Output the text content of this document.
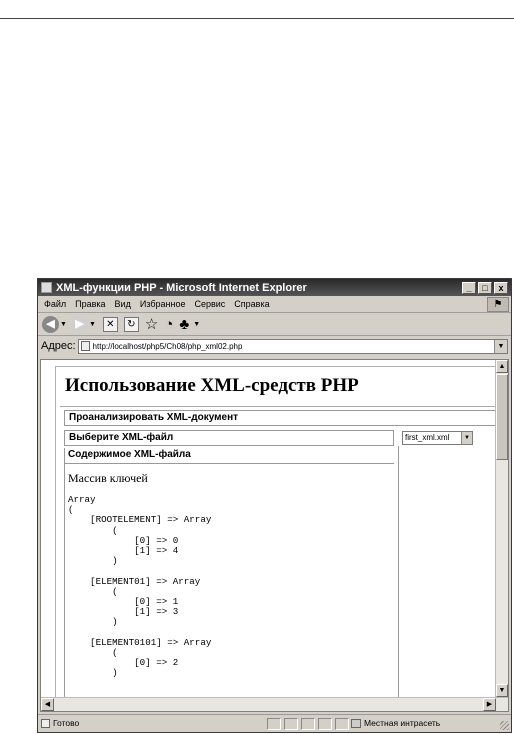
XML-функции PHP - Microsoft Internet Explorer	_	□	x
Файл Правка Вид Избранное Сервис Справка	⚑
◀ ▼ ▶ ▼	✕	↻ ☆ ◔ ♣ ▼
Адрес: http://localhost/php5/Ch08/php_xml02.php	▼
Использование XML-средств PHP
Проанализировать XML-документ
Выберите XML-файл	first_xml.xml	▼
Содержимое XML-файла
Массив ключей
Array
(
[ROOTELEMENT] => Array
(
[0] => 0
[1] => 4
)

[ELEMENT01] => Array
(
[0] => 1
[1] => 3
)

[ELEMENT0101] => Array
(
[0] => 2
)
▲
▼
◀	▶
Готово	Местная интрасеть
